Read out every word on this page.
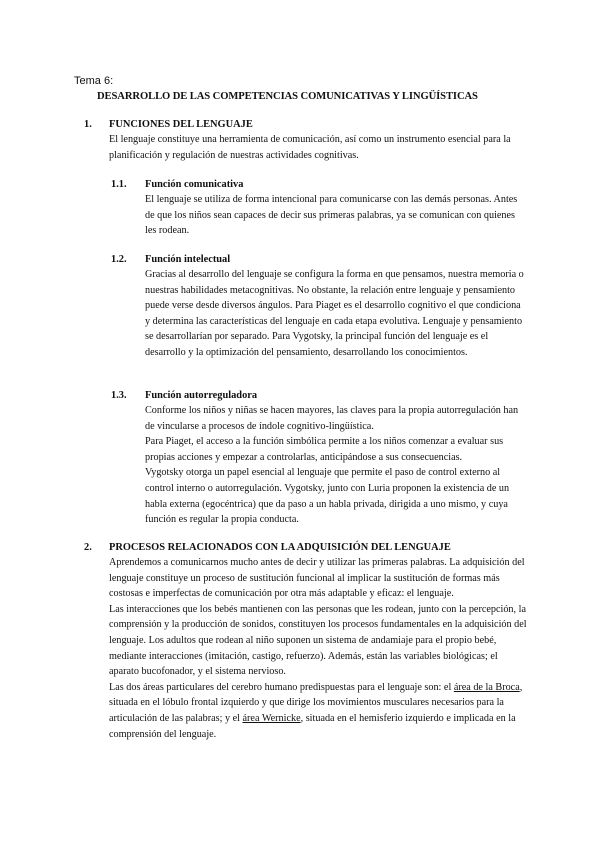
Tema 6:
DESARROLLO DE LAS COMPETENCIAS COMUNICATIVAS Y LINGÜÍSTICAS
1. FUNCIONES DEL LENGUAJE
El lenguaje constituye una herramienta de comunicación, así como un instrumento esencial para la planificación y regulación de nuestras actividades cognitivas.
1.1. Función comunicativa
El lenguaje se utiliza de forma intencional para comunicarse con las demás personas. Antes de que los niños sean capaces de decir sus primeras palabras, ya se comunican con quienes les rodean.
1.2. Función intelectual
Gracias al desarrollo del lenguaje se configura la forma en que pensamos, nuestra memoria o nuestras habilidades metacognitivas. No obstante, la relación entre lenguaje y pensamiento puede verse desde diversos ángulos. Para Piaget es el desarrollo cognitivo el que condiciona y determina las características del lenguaje en cada etapa evolutiva. Lenguaje y pensamiento se desarrollarían por separado. Para Vygotsky, la principal función del lenguaje es el desarrollo y la optimización del pensamiento, desarrollando los conocimientos.
1.3. Función autorreguladora

Conforme los niños y niñas se hacen mayores, las claves para la propia autorregulación han de vincularse a procesos de índole cognitivo-lingüística.

Para Piaget, el acceso a la función simbólica permite a los niños comenzar a evaluar sus propias acciones y empezar a controlarlas, anticipándose a sus consecuencias.

Vygotsky otorga un papel esencial al lenguaje que permite el paso de control externo al control interno o autorregulación. Vygotsky, junto con Luria proponen la existencia de un habla externa (egocéntrica) que da paso a un habla privada, dirigida a uno mismo, y cuya función es regular la propia conducta.

2. PROCESOS RELACIONADOS CON LA ADQUISICIÓN DEL LENGUAJE

Aprendemos a comunicarnos mucho antes de decir y utilizar las primeras palabras. La adquisición del lenguaje constituye un proceso de sustitución funcional al implicar la sustitución de formas más costosas e imperfectas de comunicación por otra más adaptable y eficaz: el lenguaje.

Las interacciones que los bebés mantienen con las personas que les rodean, junto con la percepción, la comprensión y la producción de sonidos, constituyen los procesos fundamentales en la adquisición del lenguaje. Los adultos que rodean al niño suponen un sistema de andamiaje para el propio bebé, mediante interacciones (imitación, castigo, refuerzo). Además, están las variables biológicas; el aparato bucofonador, y el sistema nervioso.

Las dos áreas particulares del cerebro humano predispuestas para el lenguaje son: el área de la Broca, situada en el lóbulo frontal izquierdo y que dirige los movimientos musculares necesarios para la articulación de las palabras; y el área Wernicke, situada en el hemisferio izquierdo e implicada en la comprensión del lenguaje.
